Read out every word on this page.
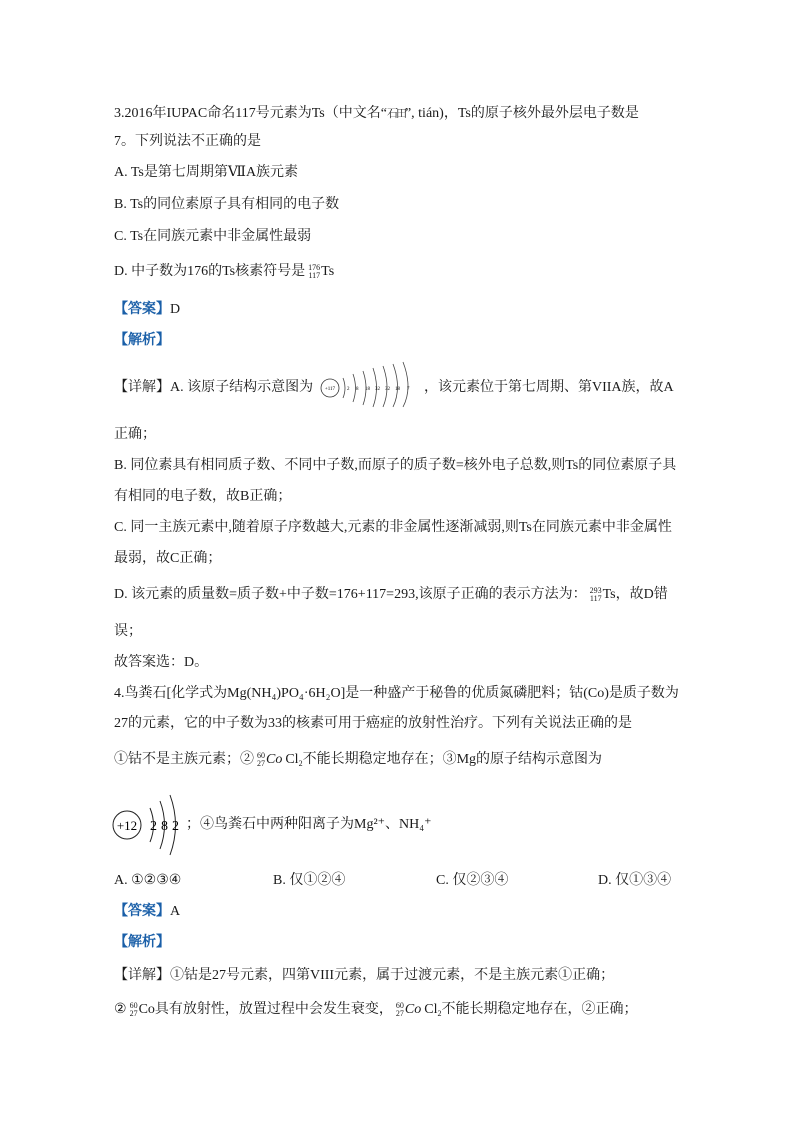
3.2016年IUPAC命名117号元素为Ts（中文名“石田”, tián)，Ts的原子核外最外层电子数是
7。下列说法不正确的是
A. Ts是第七周期第ⅦA族元素
B. Ts的同位素原子具有相同的电子数
C. Ts在同族元素中非金属性最弱
D. 中子数为176的Ts核素符号是 176
117 Ts
【答案】D
【解析】
【详解】A. 该原子结构示意图为 +117 2 8 18 32 32 18 7 ，该元素位于第七周期、第VIIA族，故A
正确；
B. 同位素具有相同质子数、不同中子数,而原子的质子数=核外电子总数,则Ts的同位素原子具
有相同的电子数，故B正确；
C. 同一主族元素中,随着原子序数越大,元素的非金属性逐渐减弱,则Ts在同族元素中非金属性
最弱，故C正确；
D. 该元素的质量数=质子数+中子数=176+117=293,该原子正确的表示方法为： 293
117 Ts，故D错
误；
故答案选：D。
4.鸟粪石[化学式为Mg(NH₄)PO₄·6H₂O]是一种盛产于秘鲁的优质氮磷肥料；钴(Co)是质子数为
27的元素，它的中子数为33的核素可用于癌症的放射性治疗。下列有关说法正确的是
①钴不是主族元素；② 60
27 Co $Cl_2$不能长期稳定地存在；③Mg的原子结构示意图为
+12 2 8 2 ；④鸟粪石中两种阳离子为Mg²⁺、NH₄⁺
A. ①②③④	B. 仅①②④	C. 仅②③④	D. 仅①③④
【答案】A
【解析】
【详解】①钴是27号元素，四第VIII元素，属于过渡元素，不是主族元素①正确；
② 60
27 Co具有放射性，放置过程中会发生衰变， 60
27 Co $Cl_2$不能长期稳定地存在，②正确；
